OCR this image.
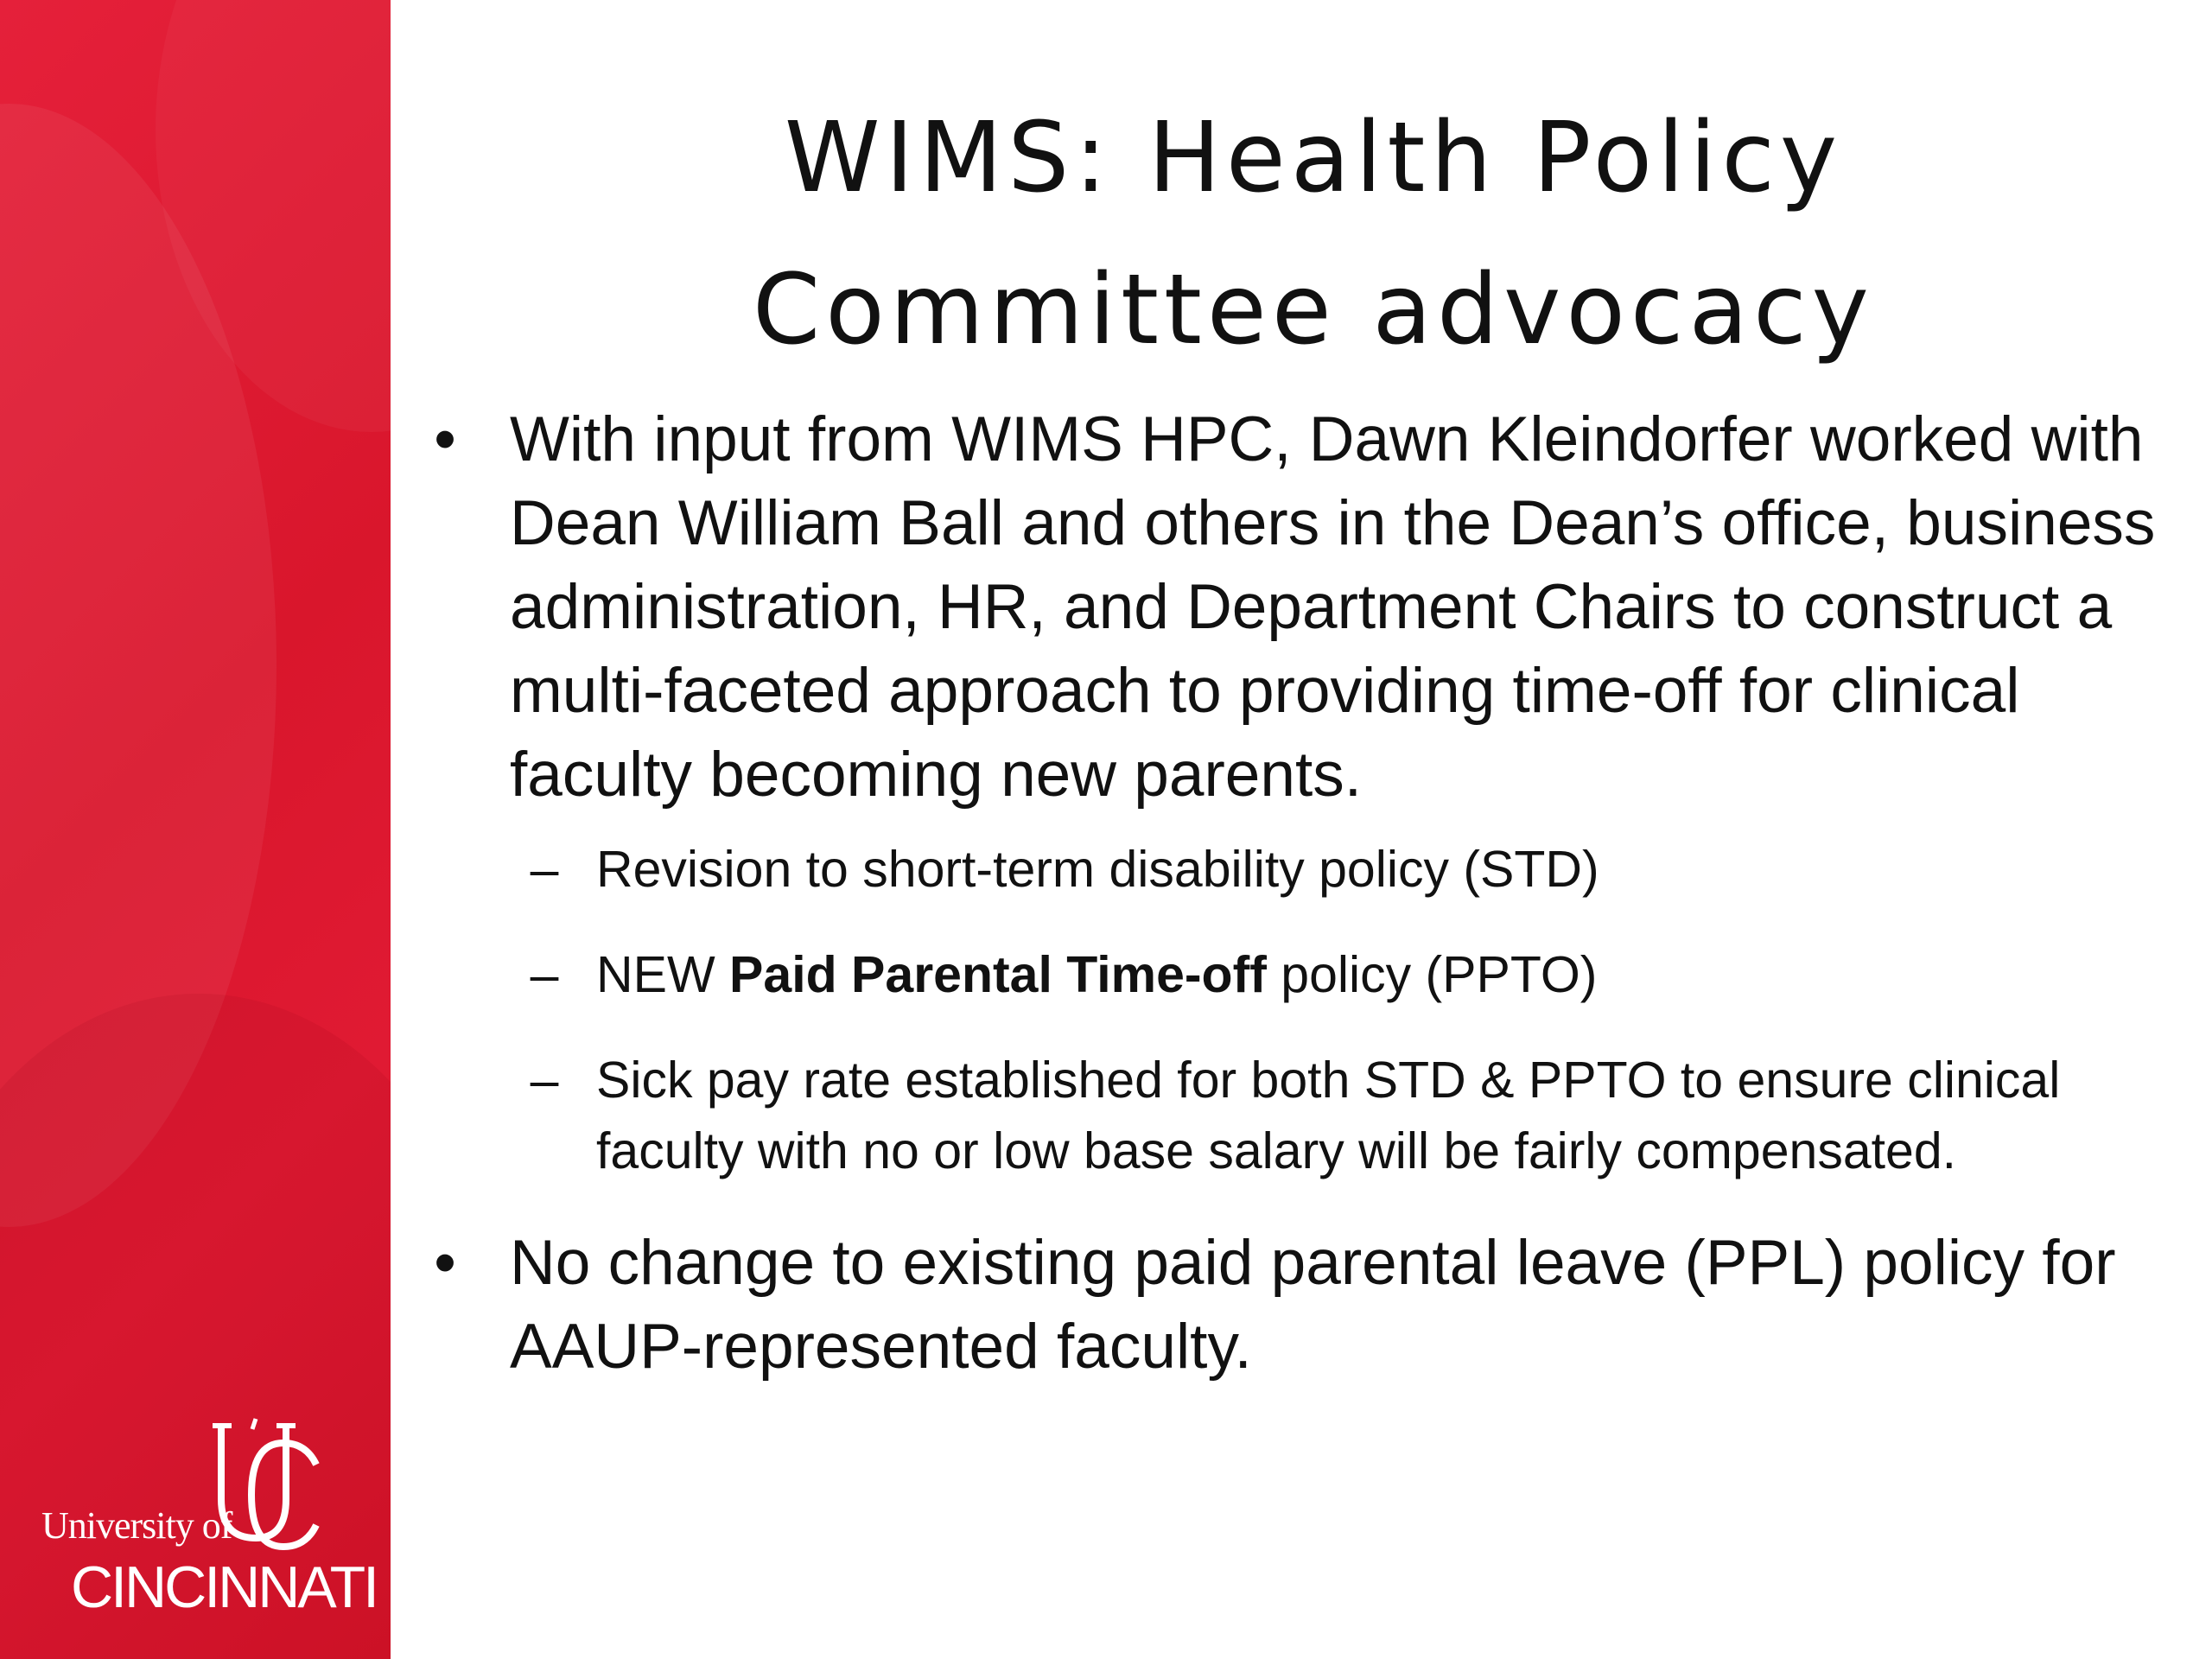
University of
CINCINNATI
WIMS: Health Policy
Committee advocacy
• With input from WIMS HPC, Dawn Kleindorfer worked with Dean William Ball and others in the Dean’s office, business administration, HR, and Department Chairs to construct a multi-faceted approach to providing time-off for clinical faculty becoming new parents.
– Revision to short-term disability policy (STD)
– NEW Paid Parental Time-off policy (PPTO)
– Sick pay rate established for both STD & PPTO to ensure clinical faculty with no or low base salary will be fairly compensated.
• No change to existing paid parental leave (PPL) policy for AAUP-represented faculty.
